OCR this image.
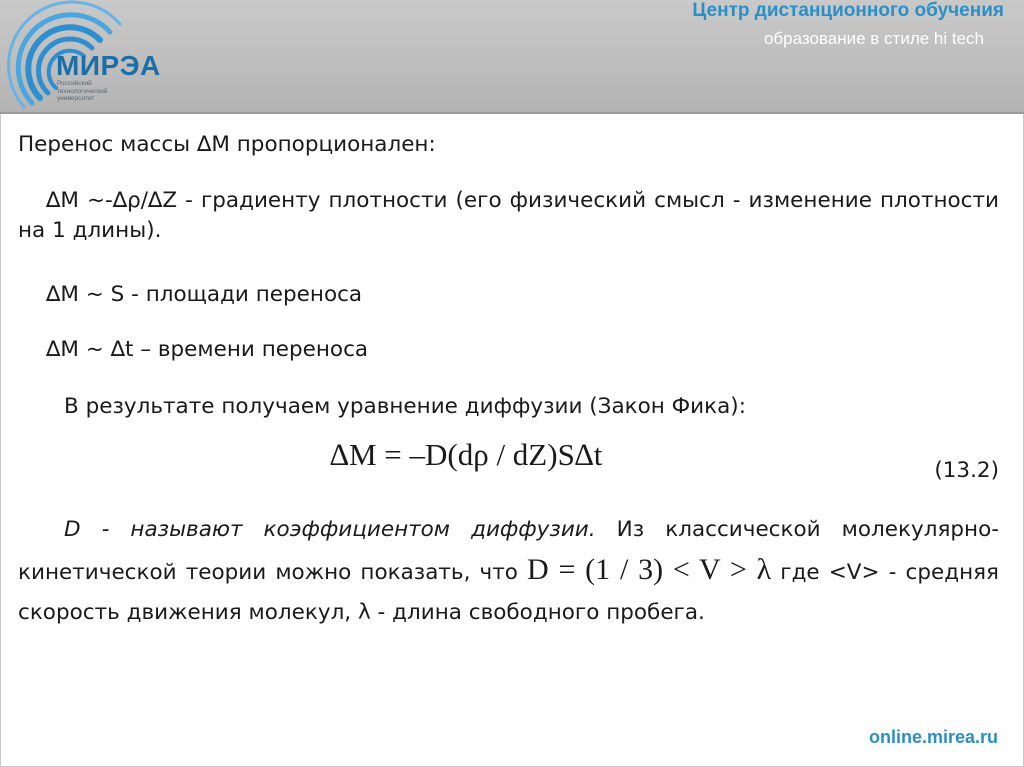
МИРЭА
Российский
технологический
университет
Центр дистанционного обучения
образование в стиле hi tech
Перенос массы ∆M пропорционален:
∆M ~-∆ρ/∆Z - градиенту плотности (его физический смысл - изменение плотности на 1 длины).
∆M ~ S - площади переноса
∆M ~ ∆t – времени переноса
В результате получаем уравнение диффузии (Закон Фика):
∆M = –D(dρ / dZ)S∆t	(13.2)
D - называют коэффициентом диффузии. Из классической молекулярно-кинетической теории можно показать, что D = (1 / 3) < V > λ где <V> - средняя скорость движения молекул, λ - длина свободного пробега.
online.mirea.ru
